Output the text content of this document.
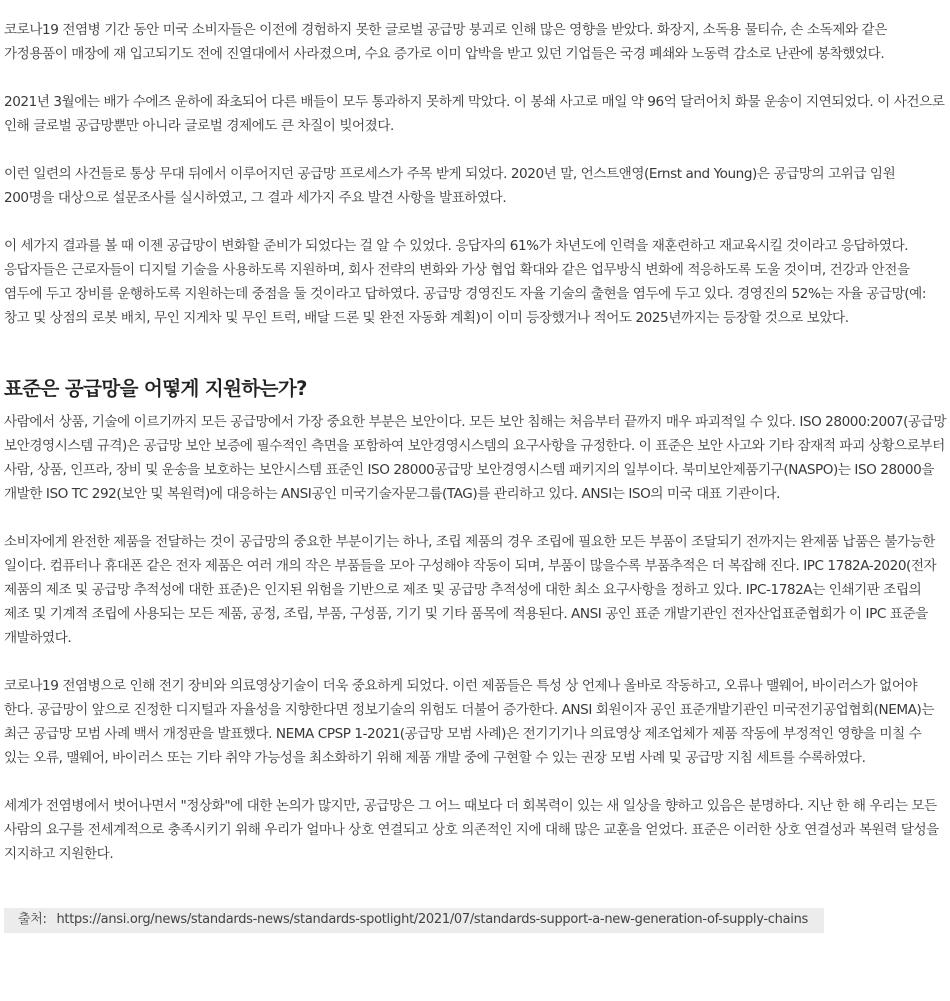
코로나19 전염병 기간 동안 미국 소비자들은 이전에 경험하지 못한 글로벌 공급망 붕괴로 인해 많은 영향을 받았다. 화장지, 소독용 물티슈, 손 소독제와 같은 가정용품이 매장에 재 입고되기도 전에 진열대에서 사라졌으며, 수요 증가로 이미 압박을 받고 있던 기업들은 국경 폐쇄와 노동력 감소로 난관에 봉착했었다.

2021년 3월에는 배가 수에즈 운하에 좌초되어 다른 배들이 모두 통과하지 못하게 막았다. 이 봉쇄 사고로 매일 약 96억 달러어치 화물 운송이 지연되었다. 이 사건으로 인해 글로벌 공급망뿐만 아니라 글로벌 경제에도 큰 차질이 빚어졌다.

이런 일련의 사건들로 통상 무대 뒤에서 이루어지던 공급망 프로세스가 주목 받게 되었다. 2020년 말, 언스트앤영(Ernst and Young)은 공급망의 고위급 임원 200명을 대상으로 설문조사를 실시하였고, 그 결과 세가지 주요 발견 사항을 발표하였다.

이 세가지 결과를 볼 때 이젠 공급망이 변화할 준비가 되었다는 걸 알 수 있었다. 응답자의 61%가 차년도에 인력을 재훈련하고 재교육시킬 것이라고 응답하였다. 응답자들은 근로자들이 디지털 기술을 사용하도록 지원하며, 회사 전략의 변화와 가상 협업 확대와 같은 업무방식 변화에 적응하도록 도울 것이며, 건강과 안전을 염두에 두고 장비를 운행하도록 지원하는데 중점을 둘 것이라고 답하였다. 공급망 경영진도 자율 기술의 출현을 염두에 두고 있다. 경영진의 52%는 자율 공급망(예: 창고 및 상점의 로봇 배치, 무인 지게차 및 무인 트럭, 배달 드론 및 완전 자동화 계획)이 이미 등장했거나 적어도 2025년까지는 등장할 것으로 보았다.

표준은 공급망을 어떻게 지원하는가?

사람에서 상품, 기술에 이르기까지 모든 공급망에서 가장 중요한 부분은 보안이다. 모든 보안 침해는 처음부터 끝까지 매우 파괴적일 수 있다. ISO 28000:2007(공급망 보안경영시스템 규격)은 공급망 보안 보증에 필수적인 측면을 포함하여 보안경영시스템의 요구사항을 규정한다. 이 표준은 보안 사고와 기타 잠재적 파괴 상황으로부터 사람, 상품, 인프라, 장비 및 운송을 보호하는 보안시스템 표준인 ISO 28000공급망 보안경영시스템 패키지의 일부이다. 북미보안제품기구(NASPO)는 ISO 28000을 개발한 ISO TC 292(보안 및 복원력)에 대응하는 ANSI공인 미국기술자문그룹(TAG)를 관리하고 있다. ANSI는 ISO의 미국 대표 기관이다.

소비자에게 완전한 제품을 전달하는 것이 공급망의 중요한 부분이기는 하나, 조립 제품의 경우 조립에 필요한 모든 부품이 조달되기 전까지는 완제품 납품은 불가능한 일이다. 컴퓨터나 휴대폰 같은 전자 제품은 여러 개의 작은 부품들을 모아 구성해야 작동이 되며, 부품이 많을수록 부품추적은 더 복잡해 진다. IPC 1782A-2020(전자 제품의 제조 및 공급망 추적성에 대한 표준)은 인지된 위험을 기반으로 제조 및 공급망 추적성에 대한 최소 요구사항을 정하고 있다. IPC-1782A는 인쇄기판 조립의 제조 및 기계적 조립에 사용되는 모든 제품, 공정, 조립, 부품, 구성품, 기기 및 기타 품목에 적용된다. ANSI 공인 표준 개발기관인 전자산업표준협회가 이 IPC 표준을 개발하였다.

코로나19 전염병으로 인해 전기 장비와 의료영상기술이 더욱 중요하게 되었다. 이런 제품들은 특성 상 언제나 올바로 작동하고, 오류나 맬웨어, 바이러스가 없어야 한다. 공급망이 앞으로 진정한 디지털과 자율성을 지향한다면 정보기술의 위험도 더불어 증가한다. ANSI 회원이자 공인 표준개발기관인 미국전기공업협회(NEMA)는 최근 공급망 모범 사례 백서 개정판을 발표했다. NEMA CPSP 1-2021(공급망 모범 사례)은 전기기기나 의료영상 제조업체가 제품 작동에 부정적인 영향을 미칠 수 있는 오류, 맬웨어, 바이러스 또는 기타 취약 가능성을 최소화하기 위해 제품 개발 중에 구현할 수 있는 권장 모범 사례 및 공급망 지침 세트를 수록하였다.

세계가 전염병에서 벗어나면서 "정상화"에 대한 논의가 많지만, 공급망은 그 어느 때보다 더 회복력이 있는 새 일상을 향하고 있음은 분명하다. 지난 한 해 우리는 모든 사람의 요구를 전세계적으로 충족시키기 위해 우리가 얼마나 상호 연결되고 상호 의존적인 지에 대해 많은 교훈을 얻었다. 표준은 이러한 상호 연결성과 복원력 달성을 지지하고 지원한다.

출처: https://ansi.org/news/standards-news/standards-spotlight/2021/07/standards-support-a-new-generation-of-supply-chains
